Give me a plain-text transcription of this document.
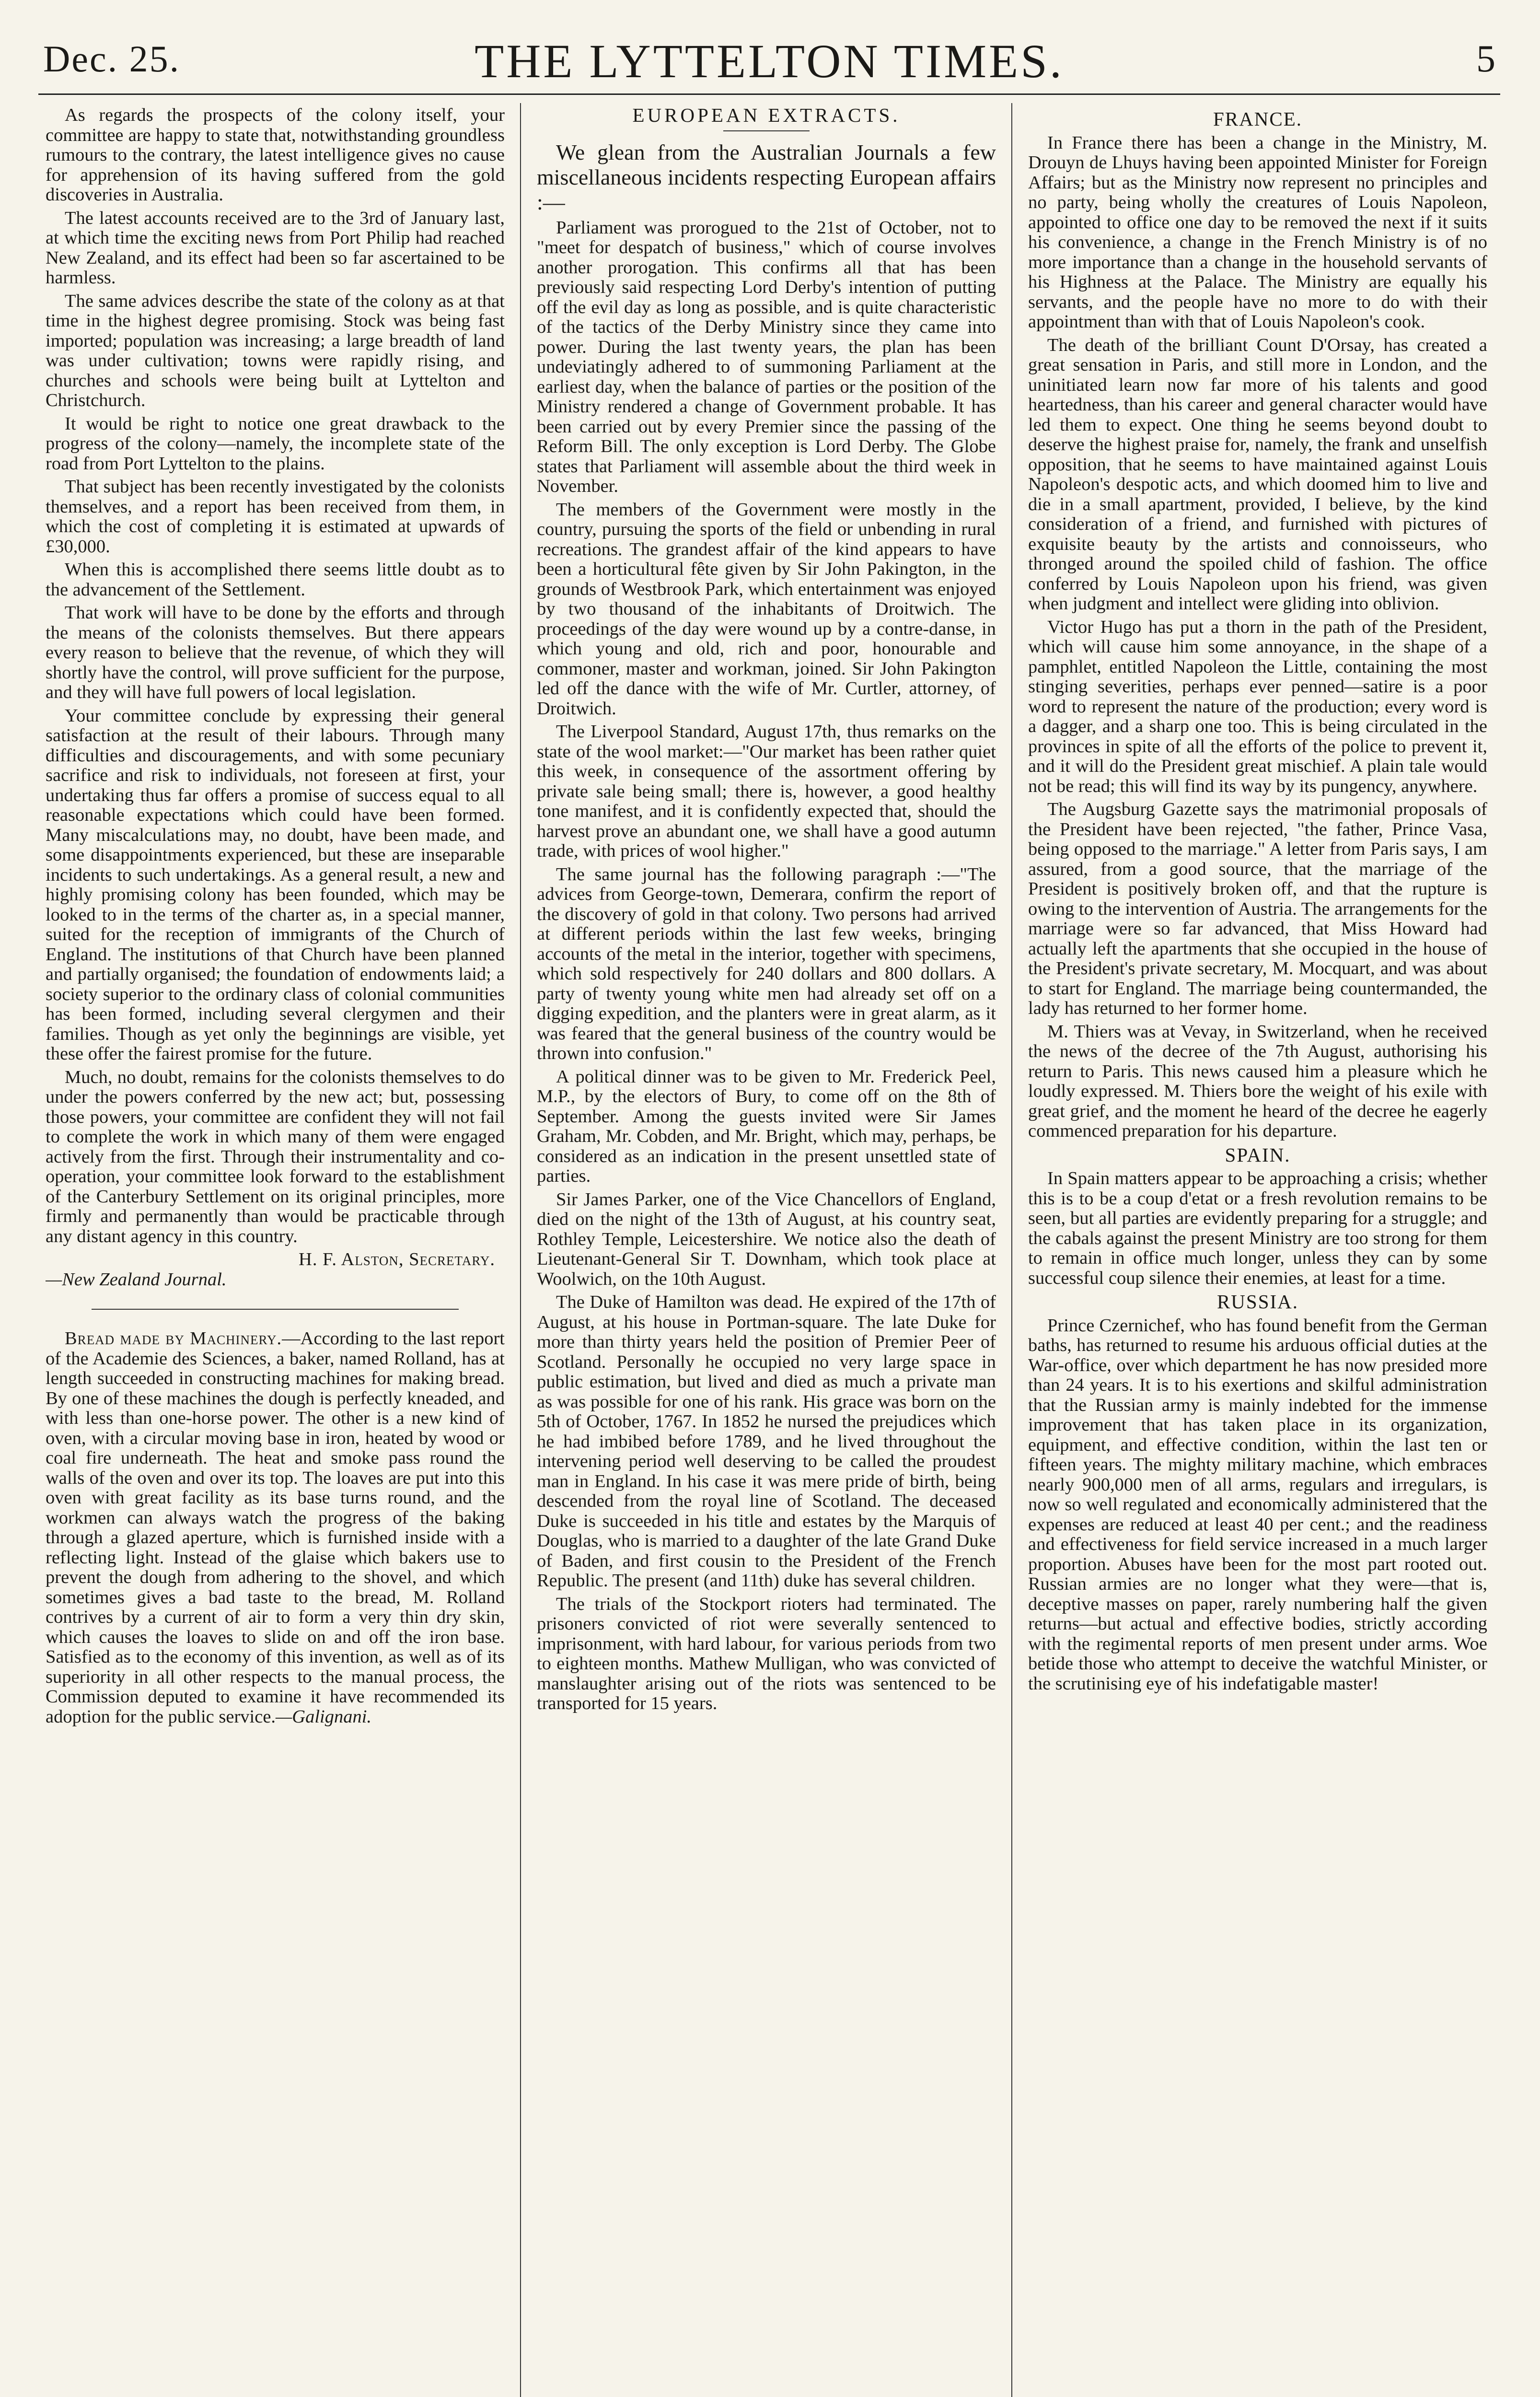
Dec. 25.	THE LYTTELTON TIMES.	5

As regards the prospects of the colony itself, your committee are happy to state that, notwithstanding groundless rumours to the contrary, the latest intelligence gives no cause for apprehension of its having suffered from the gold discoveries in Australia.

The latest accounts received are to the 3rd of January last, at which time the exciting news from Port Philip had reached New Zealand, and its effect had been so far ascertained to be harmless.

The same advices describe the state of the colony as at that time in the highest degree promising. Stock was being fast imported; population was increasing; a large breadth of land was under cultivation; towns were rapidly rising, and churches and schools were being built at Lyttelton and Christchurch.

It would be right to notice one great drawback to the progress of the colony—namely, the incomplete state of the road from Port Lyttelton to the plains.

That subject has been recently investigated by the colonists themselves, and a report has been received from them, in which the cost of completing it is estimated at upwards of £30,000.

When this is accomplished there seems little doubt as to the advancement of the Settlement.

That work will have to be done by the efforts and through the means of the colonists themselves. But there appears every reason to believe that the revenue, of which they will shortly have the control, will prove sufficient for the purpose, and they will have full powers of local legislation.

Your committee conclude by expressing their general satisfaction at the result of their labours. Through many difficulties and discouragements, and with some pecuniary sacrifice and risk to individuals, not foreseen at first, your undertaking thus far offers a promise of success equal to all reasonable expectations which could have been formed. Many miscalculations may, no doubt, have been made, and some disappointments experienced, but these are inseparable incidents to such undertakings. As a general result, a new and highly promising colony has been founded, which may be looked to in the terms of the charter as, in a special manner, suited for the reception of immigrants of the Church of England. The institutions of that Church have been planned and partially organised; the foundation of endowments laid; a society superior to the ordinary class of colonial communities has been formed, including several clergymen and their families. Though as yet only the beginnings are visible, yet these offer the fairest promise for the future.

Much, no doubt, remains for the colonists themselves to do under the powers conferred by the new act; but, possessing those powers, your committee are confident they will not fail to complete the work in which many of them were engaged actively from the first. Through their instrumentality and co-operation, your committee look forward to the establishment of the Canterbury Settlement on its original principles, more firmly and permanently than would be practicable through any distant agency in this country.

H. F. Alston, Secretary.

—New Zealand Journal.

Bread made by Machinery.—According to the last report of the Academie des Sciences, a baker, named Rolland, has at length succeeded in constructing machines for making bread. By one of these machines the dough is perfectly kneaded, and with less than one-horse power. The other is a new kind of oven, with a circular moving base in iron, heated by wood or coal fire underneath. The heat and smoke pass round the walls of the oven and over its top. The loaves are put into this oven with great facility as its base turns round, and the workmen can always watch the progress of the baking through a glazed aperture, which is furnished inside with a reflecting light. Instead of the glaise which bakers use to prevent the dough from adhering to the shovel, and which sometimes gives a bad taste to the bread, M. Rolland contrives by a current of air to form a very thin dry skin, which causes the loaves to slide on and off the iron base. Satisfied as to the economy of this invention, as well as of its superiority in all other respects to the manual process, the Commission deputed to examine it have recommended its adoption for the public service.—Galignani.

EUROPEAN EXTRACTS.

We glean from the Australian Journals a few miscellaneous incidents respecting European affairs :—

Parliament was prorogued to the 21st of October, not to "meet for despatch of business," which of course involves another prorogation. This confirms all that has been previously said respecting Lord Derby's intention of putting off the evil day as long as possible, and is quite characteristic of the tactics of the Derby Ministry since they came into power. During the last twenty years, the plan has been undeviatingly adhered to of summoning Parliament at the earliest day, when the balance of parties or the position of the Ministry rendered a change of Government probable. It has been carried out by every Premier since the passing of the Reform Bill. The only exception is Lord Derby. The Globe states that Parliament will assemble about the third week in November.

The members of the Government were mostly in the country, pursuing the sports of the field or unbending in rural recreations. The grandest affair of the kind appears to have been a horticultural fête given by Sir John Pakington, in the grounds of Westbrook Park, which entertainment was enjoyed by two thousand of the inhabitants of Droitwich. The proceedings of the day were wound up by a contre-danse, in which young and old, rich and poor, honourable and commoner, master and workman, joined. Sir John Pakington led off the dance with the wife of Mr. Curtler, attorney, of Droitwich.

The Liverpool Standard, August 17th, thus remarks on the state of the wool market:—"Our market has been rather quiet this week, in consequence of the assortment offering by private sale being small; there is, however, a good healthy tone manifest, and it is confidently expected that, should the harvest prove an abundant one, we shall have a good autumn trade, with prices of wool higher."

The same journal has the following paragraph :—"The advices from George-town, Demerara, confirm the report of the discovery of gold in that colony. Two persons had arrived at different periods within the last few weeks, bringing accounts of the metal in the interior, together with specimens, which sold respectively for 240 dollars and 800 dollars. A party of twenty young white men had already set off on a digging expedition, and the planters were in great alarm, as it was feared that the general business of the country would be thrown into confusion."

A political dinner was to be given to Mr. Frederick Peel, M.P., by the electors of Bury, to come off on the 8th of September. Among the guests invited were Sir James Graham, Mr. Cobden, and Mr. Bright, which may, perhaps, be considered as an indication in the present unsettled state of parties.

Sir James Parker, one of the Vice Chancellors of England, died on the night of the 13th of August, at his country seat, Rothley Temple, Leicestershire. We notice also the death of Lieutenant-General Sir T. Downham, which took place at Woolwich, on the 10th August.

The Duke of Hamilton was dead. He expired of the 17th of August, at his house in Portman-square. The late Duke for more than thirty years held the position of Premier Peer of Scotland. Personally he occupied no very large space in public estimation, but lived and died as much a private man as was possible for one of his rank. His grace was born on the 5th of October, 1767. In 1852 he nursed the prejudices which he had imbibed before 1789, and he lived throughout the intervening period well deserving to be called the proudest man in England. In his case it was mere pride of birth, being descended from the royal line of Scotland. The deceased Duke is succeeded in his title and estates by the Marquis of Douglas, who is married to a daughter of the late Grand Duke of Baden, and first cousin to the President of the French Republic. The present (and 11th) duke has several children.

The trials of the Stockport rioters had terminated. The prisoners convicted of riot were severally sentenced to imprisonment, with hard labour, for various periods from two to eighteen months. Mathew Mulligan, who was convicted of manslaughter arising out of the riots was sentenced to be transported for 15 years.

FRANCE.

In France there has been a change in the Ministry, M. Drouyn de Lhuys having been appointed Minister for Foreign Affairs; but as the Ministry now represent no principles and no party, being wholly the creatures of Louis Napoleon, appointed to office one day to be removed the next if it suits his convenience, a change in the French Ministry is of no more importance than a change in the household servants of his Highness at the Palace. The Ministry are equally his servants, and the people have no more to do with their appointment than with that of Louis Napoleon's cook.

The death of the brilliant Count D'Orsay, has created a great sensation in Paris, and still more in London, and the uninitiated learn now far more of his talents and good heartedness, than his career and general character would have led them to expect. One thing he seems beyond doubt to deserve the highest praise for, namely, the frank and unselfish opposition, that he seems to have maintained against Louis Napoleon's despotic acts, and which doomed him to live and die in a small apartment, provided, I believe, by the kind consideration of a friend, and furnished with pictures of exquisite beauty by the artists and connoisseurs, who thronged around the spoiled child of fashion. The office conferred by Louis Napoleon upon his friend, was given when judgment and intellect were gliding into oblivion.

Victor Hugo has put a thorn in the path of the President, which will cause him some annoyance, in the shape of a pamphlet, entitled Napoleon the Little, containing the most stinging severities, perhaps ever penned—satire is a poor word to represent the nature of the production; every word is a dagger, and a sharp one too. This is being circulated in the provinces in spite of all the efforts of the police to prevent it, and it will do the President great mischief. A plain tale would not be read; this will find its way by its pungency, anywhere.

The Augsburg Gazette says the matrimonial proposals of the President have been rejected, "the father, Prince Vasa, being opposed to the marriage." A letter from Paris says, I am assured, from a good source, that the marriage of the President is positively broken off, and that the rupture is owing to the intervention of Austria. The arrangements for the marriage were so far advanced, that Miss Howard had actually left the apartments that she occupied in the house of the President's private secretary, M. Mocquart, and was about to start for England. The marriage being countermanded, the lady has returned to her former home.

M. Thiers was at Vevay, in Switzerland, when he received the news of the decree of the 7th August, authorising his return to Paris. This news caused him a pleasure which he loudly expressed. M. Thiers bore the weight of his exile with great grief, and the moment he heard of the decree he eagerly commenced preparation for his departure.

SPAIN.

In Spain matters appear to be approaching a crisis; whether this is to be a coup d'etat or a fresh revolution remains to be seen, but all parties are evidently preparing for a struggle; and the cabals against the present Ministry are too strong for them to remain in office much longer, unless they can by some successful coup silence their enemies, at least for a time.

RUSSIA.

Prince Czernichef, who has found benefit from the German baths, has returned to resume his arduous official duties at the War-office, over which department he has now presided more than 24 years. It is to his exertions and skilful administration that the Russian army is mainly indebted for the immense improvement that has taken place in its organization, equipment, and effective condition, within the last ten or fifteen years. The mighty military machine, which embraces nearly 900,000 men of all arms, regulars and irregulars, is now so well regulated and economically administered that the expenses are reduced at least 40 per cent.; and the readiness and effectiveness for field service increased in a much larger proportion. Abuses have been for the most part rooted out. Russian armies are no longer what they were—that is, deceptive masses on paper, rarely numbering half the given returns—but actual and effective bodies, strictly according with the regimental reports of men present under arms. Woe betide those who attempt to deceive the watchful Minister, or the scrutinising eye of his indefatigable master!
